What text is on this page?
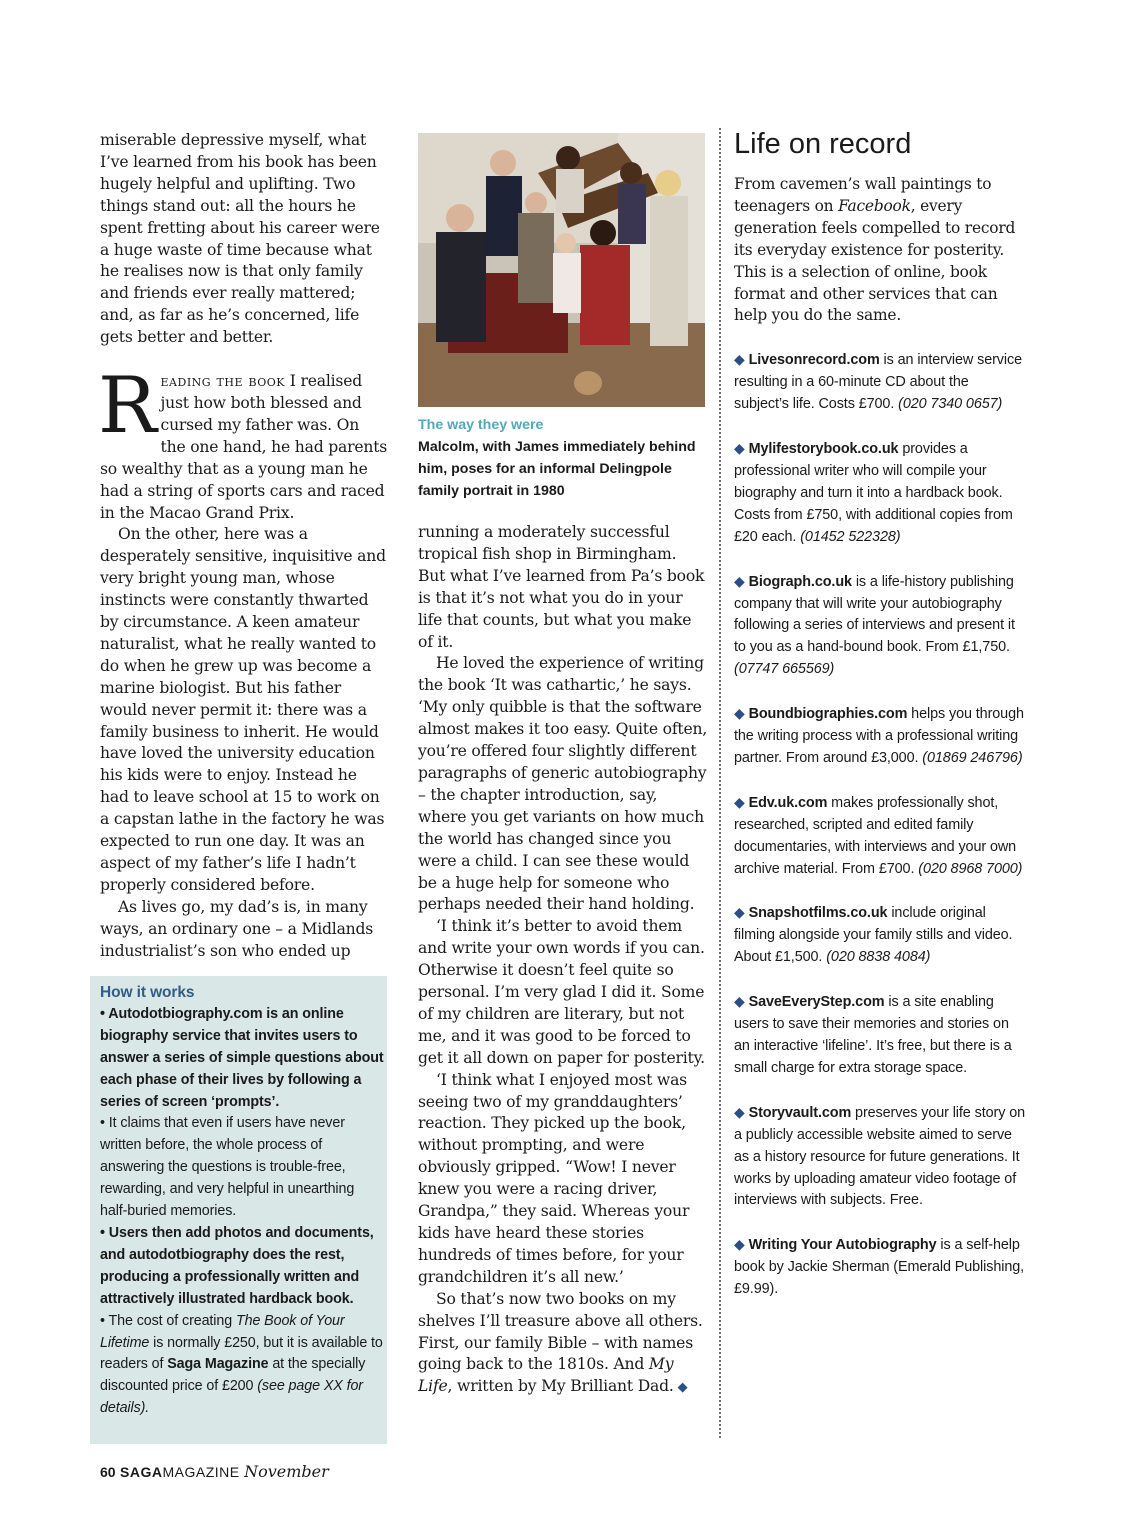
miserable depressive myself, what I’ve learned from his book has been hugely helpful and uplifting. Two things stand out: all the hours he spent fretting about his career were a huge waste of time because what he realises now is that only family and friends ever really mattered; and, as far as he’s concerned, life gets better and better.

Reading the book I realised just how both blessed and cursed my father was. On the one hand, he had parents so wealthy that as a young man he had a string of sports cars and raced in the Macao Grand Prix.

On the other, here was a desperately sensitive, inquisitive and very bright young man, whose instincts were constantly thwarted by circumstance. A keen amateur naturalist, what he really wanted to do when he grew up was become a marine biologist. But his father would never permit it: there was a family business to inherit. He would have loved the university education his kids were to enjoy. Instead he had to leave school at 15 to work on a capstan lathe in the factory he was expected to run one day. It was an aspect of my father’s life I hadn’t properly considered before.

As lives go, my dad’s is, in many ways, an ordinary one – a Midlands industrialist’s son who ended up

The way they were
Malcolm, with James immediately behind him, poses for an informal Delingpole family portrait in 1980

running a moderately successful tropical fish shop in Birmingham. But what I’ve learned from Pa’s book is that it’s not what you do in your life that counts, but what you make of it.

He loved the experience of writing the book ‘It was cathartic,’ he says. ‘My only quibble is that the software almost makes it too easy. Quite often, you’re offered four slightly different paragraphs of generic autobiography – the chapter introduction, say, where you get variants on how much the world has changed since you were a child. I can see these would be a huge help for someone who perhaps needed their hand holding.

‘I think it’s better to avoid them and write your own words if you can. Otherwise it doesn’t feel quite so personal. I’m very glad I did it. Some of my children are literary, but not me, and it was good to be forced to get it all down on paper for posterity.

‘I think what I enjoyed most was seeing two of my granddaughters’ reaction. They picked up the book, without prompting, and were obviously gripped. “Wow! I never knew you were a racing driver, Grandpa,” they said. Whereas your kids have heard these stories hundreds of times before, for your grandchildren it’s all new.’

So that’s now two books on my shelves I’ll treasure above all others. First, our family Bible – with names going back to the 1810s. And My Life, written by My Brilliant Dad. ◆

How it works
• Autodotbiography.com is an online biography service that invites users to answer a series of simple questions about each phase of their lives by following a series of screen ‘prompts’.
• It claims that even if users have never written before, the whole process of answering the questions is trouble-free, rewarding, and very helpful in unearthing half-buried memories.
• Users then add photos and documents, and autodotbiography does the rest, producing a professionally written and attractively illustrated hardback book.
• The cost of creating The Book of Your Lifetime is normally £250, but it is available to readers of Saga Magazine at the specially discounted price of £200 (see page XX for details).
Life on record

From cavemen’s wall paintings to teenagers on Facebook, every generation feels compelled to record its everyday existence for posterity. This is a selection of online, book format and other services that can help you do the same.

◆ Livesonrecord.com is an interview service resulting in a 60-minute CD about the subject’s life. Costs £700. (020 7340 0657)

◆ Mylifestorybook.co.uk provides a professional writer who will compile your biography and turn it into a hardback book. Costs from £750, with additional copies from £20 each. (01452 522328)

◆ Biograph.co.uk is a life-history publishing company that will write your autobiography following a series of interviews and present it to you as a hand-bound book. From £1,750. (07747 665569)

◆ Boundbiographies.com helps you through the writing process with a professional writing partner. From around £3,000. (01869 246796)

◆ Edv.uk.com makes professionally shot, researched, scripted and edited family documentaries, with interviews and your own archive material. From £700. (020 8968 7000)

◆ Snapshotfilms.co.uk include original filming alongside your family stills and video. About £1,500. (020 8838 4084)

◆ SaveEveryStep.com is a site enabling users to save their memories and stories on an interactive ‘lifeline’. It’s free, but there is a small charge for extra storage space.

◆ Storyvault.com preserves your life story on a publicly accessible website aimed to serve as a history resource for future generations. It works by uploading amateur video footage of interviews with subjects. Free.

◆ Writing Your Autobiography is a self-help book by Jackie Sherman (Emerald Publishing, £9.99).

60 SAGAMAGAZINE November
